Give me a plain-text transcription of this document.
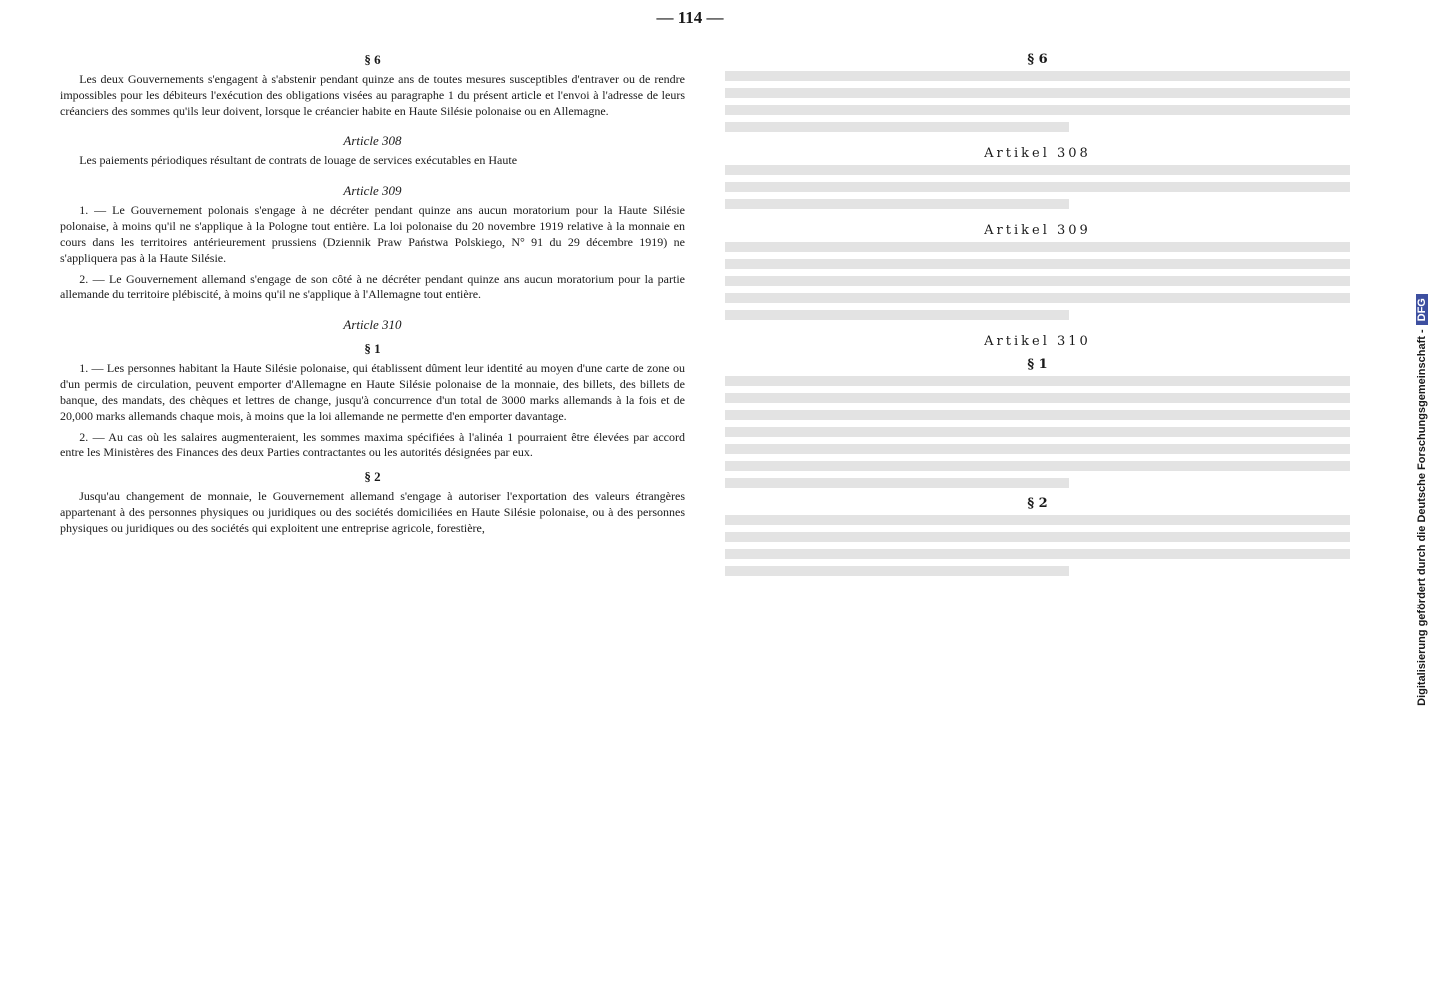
— 114 —
§ 6

Les deux Gouvernements s'engagent à s'abstenir pendant quinze ans de toutes mesures susceptibles d'entraver ou de rendre impossibles pour les débiteurs l'exécution des obligations visées au paragraphe 1 du présent article et l'envoi à l'adresse de leurs créanciers des sommes qu'ils leur doivent, lorsque le créancier habite en Haute Silésie polonaise ou en Allemagne.

Article 308

Les paiements périodiques résultant de contrats de louage de services exécutables en Haute

Article 309

1. — Le Gouvernement polonais s'engage à ne décréter pendant quinze ans aucun moratorium pour la Haute Silésie polonaise, à moins qu'il ne s'applique à la Pologne tout entière. La loi polonaise du 20 novembre 1919 relative à la monnaie en cours dans les territoires antérieurement prussiens (Dziennik Praw Państwa Polskiego, N° 91 du 29 décembre 1919) ne s'appliquera pas à la Haute Silésie.

2. — Le Gouvernement allemand s'engage de son côté à ne décréter pendant quinze ans aucun moratorium pour la partie allemande du territoire plébiscité, à moins qu'il ne s'applique à l'Allemagne tout entière.

Article 310
§ 1

1. — Les personnes habitant la Haute Silésie polonaise, qui établissent dûment leur identité au moyen d'une carte de zone ou d'un permis de circulation, peuvent emporter d'Allemagne en Haute Silésie polonaise de la monnaie, des billets, des billets de banque, des mandats, des chèques et lettres de change, jusqu'à concurrence d'un total de 3000 marks allemands à la fois et de 20,000 marks allemands chaque mois, à moins que la loi allemande ne permette d'en emporter davantage.

2. — Au cas où les salaires augmenteraient, les sommes maxima spécifiées à l'alinéa 1 pourraient être élevées par accord entre les Ministères des Finances des deux Parties contractantes ou les autorités désignées par eux.

§ 2

Jusqu'au changement de monnaie, le Gouvernement allemand s'engage à autoriser l'exportation des valeurs étrangères appartenant à des personnes physiques ou juridiques ou des sociétés domiciliées en Haute Silésie polonaise, ou à des personnes physiques ou juridiques ou des sociétés qui exploitent une entreprise agricole, forestière,

§ 6
Artikel 308
Artikel 309
Artikel 310
§ 1
§ 2	Digitalisierung gefördert durch die Deutsche Forschungsgemeinschaft -DFG
